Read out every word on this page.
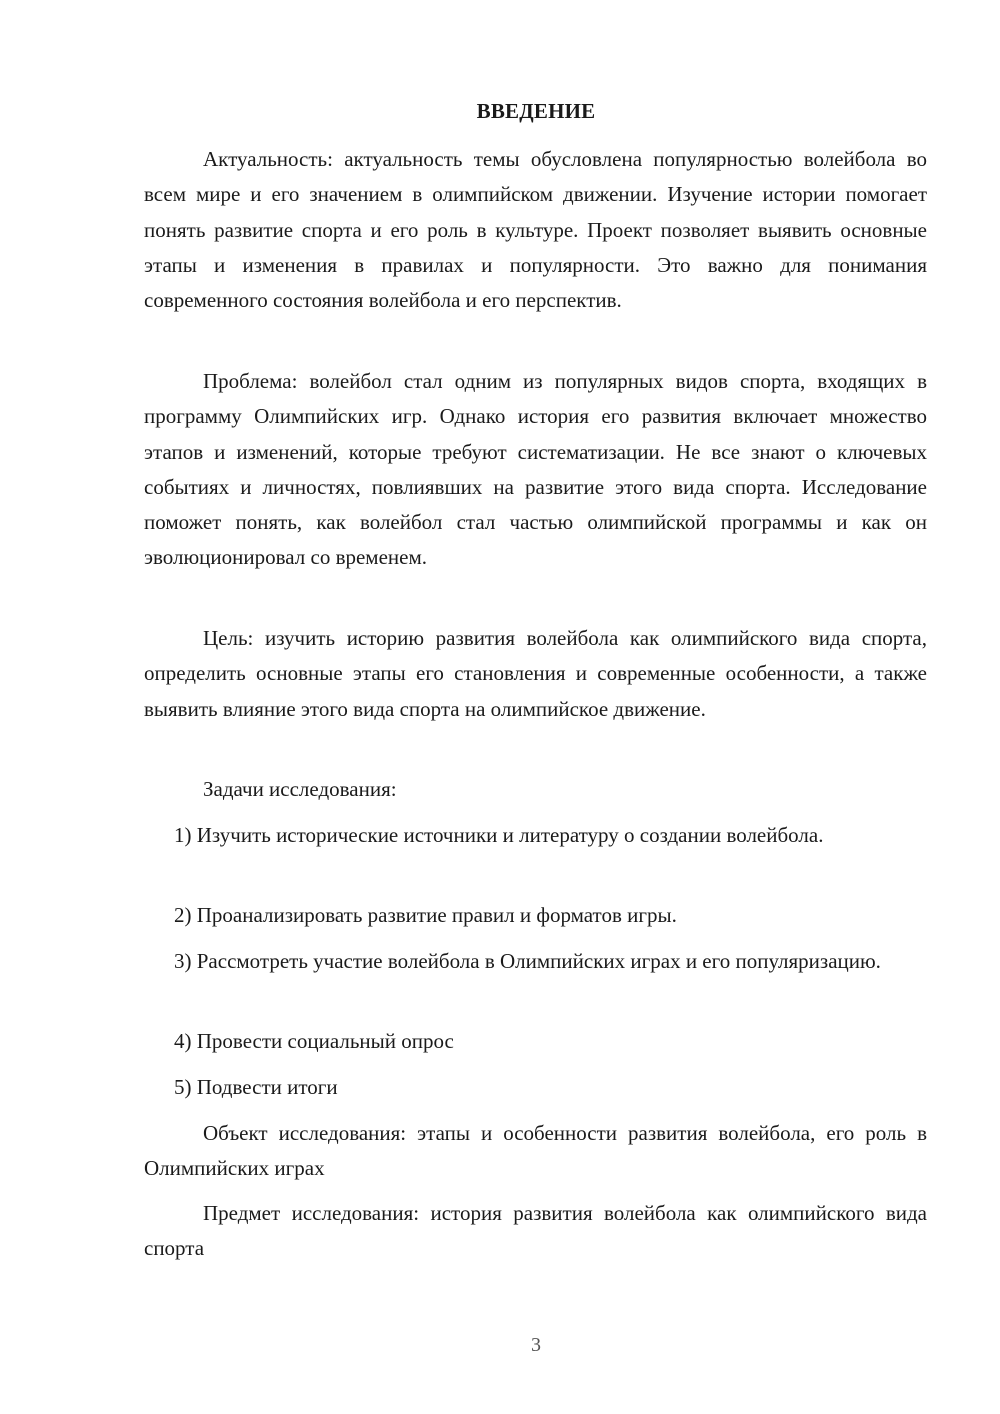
ВВЕДЕНИЕ

Актуальность: актуальность темы обусловлена популярностью волейбола во всем мире и его значением в олимпийском движении. Изучение истории помогает понять развитие спорта и его роль в культуре. Проект позволяет выявить основные этапы и изменения в правилах и популярности. Это важно для понимания современного состояния волейбола и его перспектив.

Проблема: волейбол стал одним из популярных видов спорта, входящих в программу Олимпийских игр. Однако история его развития включает множество этапов и изменений, которые требуют систематизации. Не все знают о ключевых событиях и личностях, повлиявших на развитие этого вида спорта. Исследование поможет понять, как волейбол стал частью олимпийской программы и как он эволюционировал со временем.

Цель: изучить историю развития волейбола как олимпийского вида спорта, определить основные этапы его становления и современные особенности, а также выявить влияние этого вида спорта на олимпийское движение.

Задачи исследования:

1) Изучить исторические источники и литературу о создании волейбола.

2) Проанализировать развитие правил и форматов игры.

3) Рассмотреть участие волейбола в Олимпийских играх и его популяризацию.

4) Провести социальный опрос

5) Подвести итоги

Объект исследования: этапы и особенности развития волейбола, его роль в Олимпийских играх

Предмет исследования: история развития волейбола как олимпийского вида спорта

3
